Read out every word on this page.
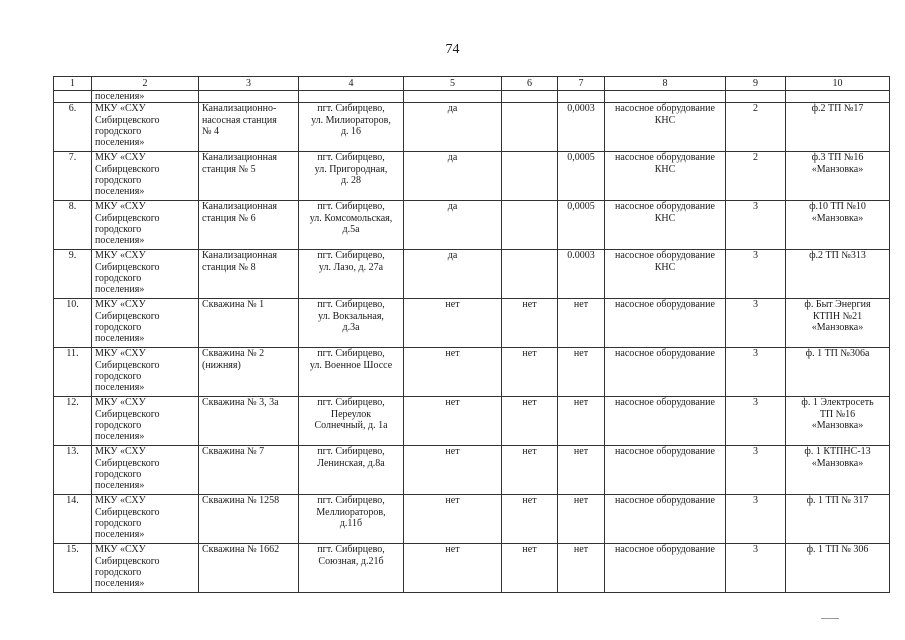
74
1	2	3	4	5	6	7	8	9	10
	поселения»								
6.	МКУ «СХУ
Сибирцевского
городского
поселения»	Канализационно-
насосная станция
№ 4	пгт. Сибирцево,
ул. Милиораторов,
д. 16	да		0,0003	насосное оборудование
КНС	2	ф.2 ТП №17

7.	МКУ «СХУ
Сибирцевского
городского
поселения»	Канализационная
станция № 5	пгт. Сибирцево,
ул. Пригородная,
д. 28	да		0,0005	насосное оборудование
КНС	2	ф.3 ТП №16
«Манзовка»

8.	МКУ «СХУ
Сибирцевского
городского
поселения»	Канализационная
станция № 6	пгт. Сибирцево,
ул. Комсомольская,
д.5а	да		0,0005	насосное оборудование
КНС	3	ф.10 ТП №10
«Манзовка»

9.	МКУ «СХУ
Сибирцевского
городского
поселения»	Канализационная
станция № 8	пгт. Сибирцево,
ул. Лазо, д. 27а	да		0.0003	насосное оборудование
КНС	3	ф.2 ТП №313

10.	МКУ «СХУ
Сибирцевского
городского
поселения»	Скважина № 1	пгт. Сибирцево,
ул. Вокзальная,
д.3а	нет	нет	нет	насосное оборудование	3	ф. Быт Энергия
КТПН №21
«Манзовка»

11.	МКУ «СХУ
Сибирцевского
городского
поселения»	Скважина № 2
(нижняя)	пгт. Сибирцево,
ул. Военное Шоссе	нет	нет	нет	насосное оборудование	3	ф. 1 ТП №306а

12.	МКУ «СХУ
Сибирцевского
городского
поселения»	Скважина № 3, 3а	пгт. Сибирцево,
Переулок
Солнечный, д. 1а	нет	нет	нет	насосное оборудование	3	ф. 1 Электросеть
ТП №16
«Манзовка»

13.	МКУ «СХУ
Сибирцевского
городского
поселения»	Скважина № 7	пгт. Сибирцево,
Ленинская, д.8а	нет	нет	нет	насосное оборудование	3	ф. 1 КТПНС-13
«Манзовка»

14.	МКУ «СХУ
Сибирцевского
городского
поселения»	Скважина № 1258	пгт. Сибирцево,
Меллиораторов,
д.11б	нет	нет	нет	насосное оборудование	3	ф. 1 ТП № 317

15.	МКУ «СХУ
Сибирцевского
городского
поселения»	Скважина № 1662	пгт. Сибирцево,
Союзная, д.21б	нет	нет	нет	насосное оборудование	3	ф. 1 ТП № 306
